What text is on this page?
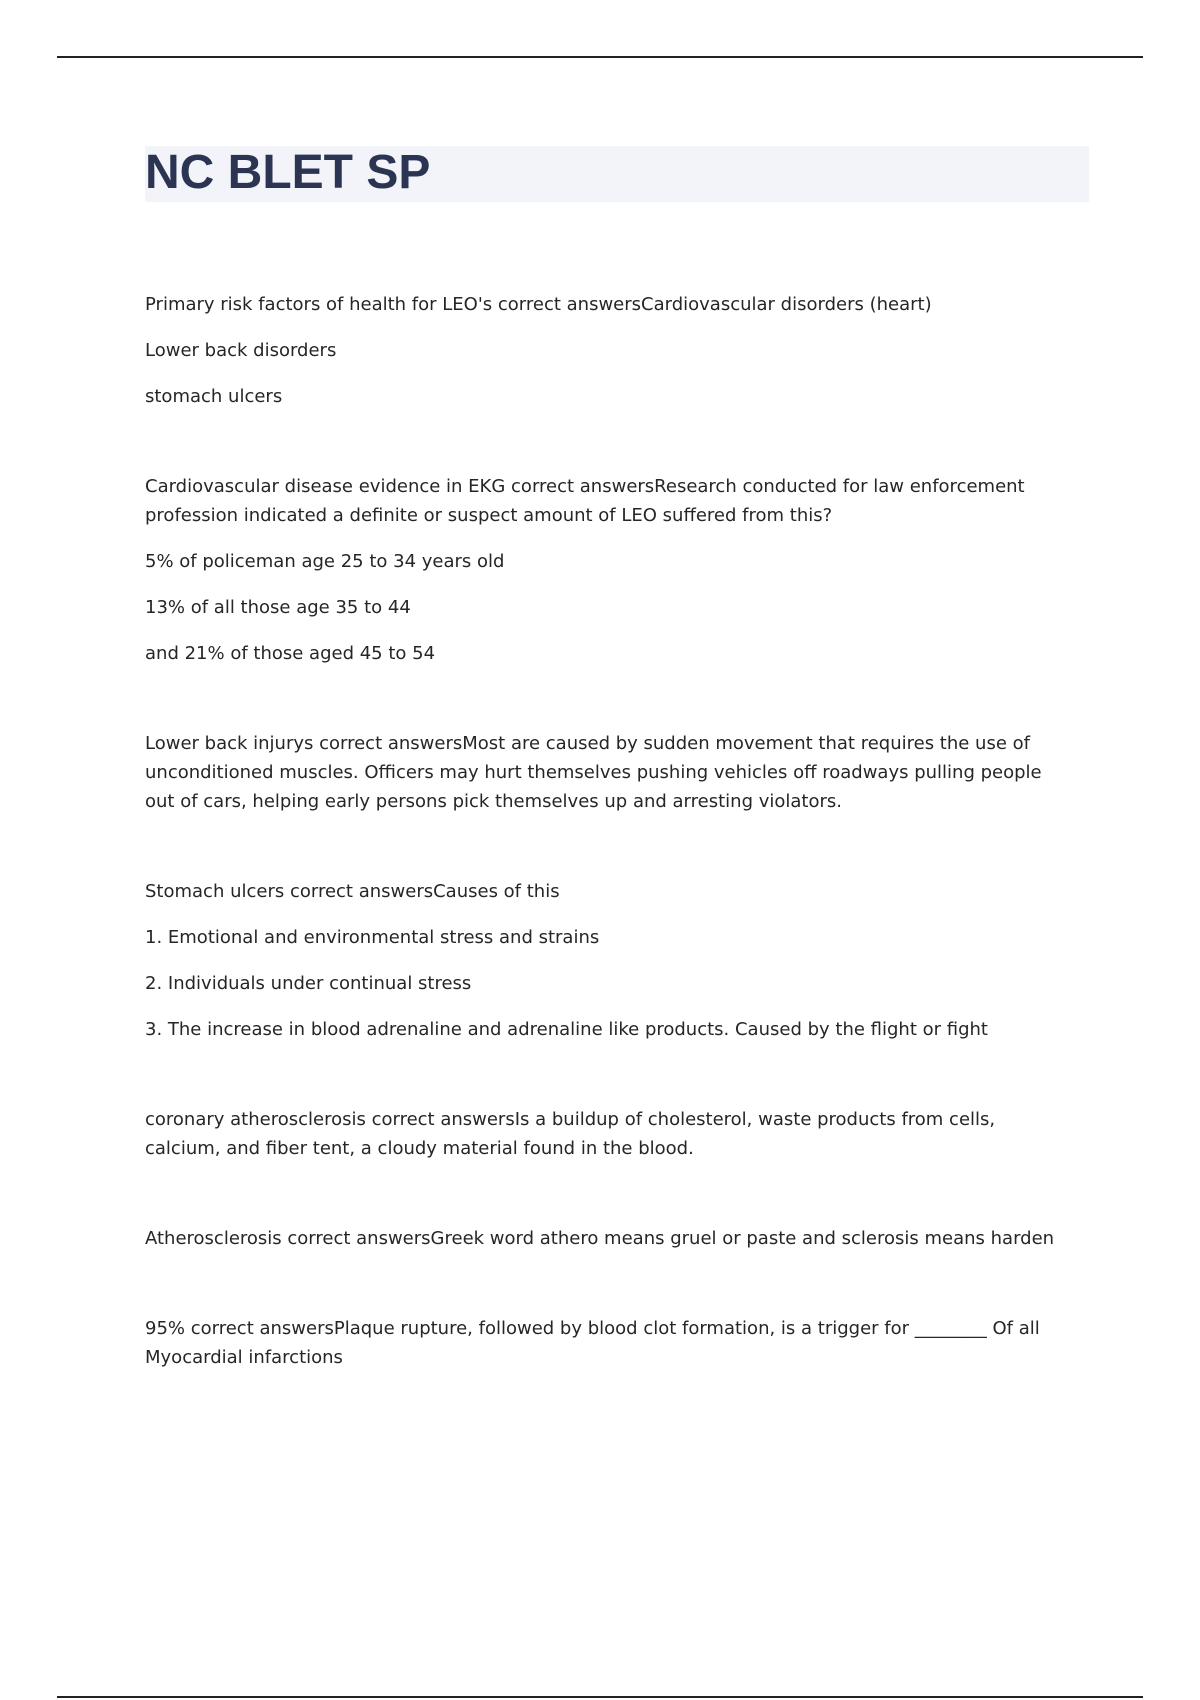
NC BLET SP

Primary risk factors of health for LEO's correct answersCardiovascular disorders (heart)

Lower back disorders

stomach ulcers

Cardiovascular disease evidence in EKG correct answersResearch conducted for law enforcement profession indicated a definite or suspect amount of LEO suffered from this?

5% of policeman age 25 to 34 years old

13% of all those age 35 to 44

and 21% of those aged 45 to 54

Lower back injurys correct answersMost are caused by sudden movement that requires the use of unconditioned muscles. Officers may hurt themselves pushing vehicles off roadways pulling people out of cars, helping early persons pick themselves up and arresting violators.

Stomach ulcers correct answersCauses of this

1. Emotional and environmental stress and strains

2. Individuals under continual stress

3. The increase in blood adrenaline and adrenaline like products. Caused by the flight or fight

coronary atherosclerosis correct answersIs a buildup of cholesterol, waste products from cells, calcium, and fiber tent, a cloudy material found in the blood.

Atherosclerosis correct answersGreek word athero means gruel or paste and sclerosis means harden

95% correct answersPlaque rupture, followed by blood clot formation, is a trigger for ________ Of all Myocardial infarctions
